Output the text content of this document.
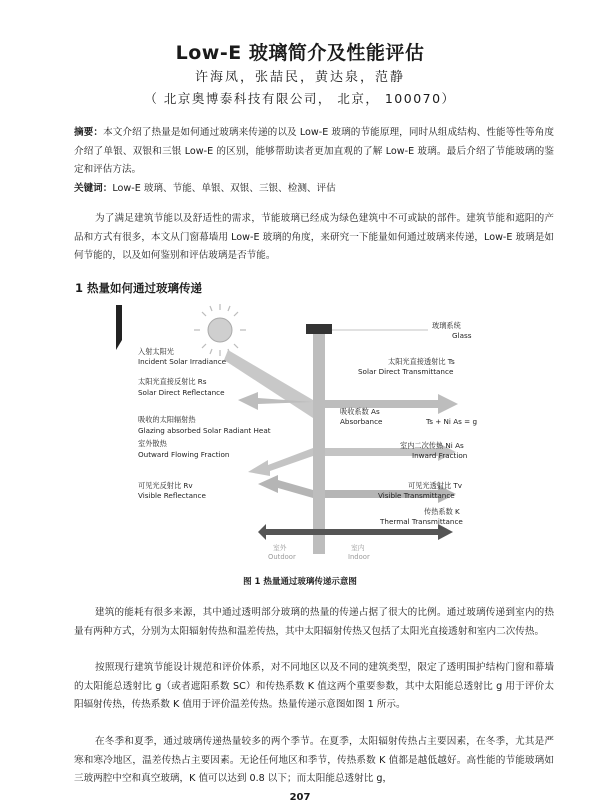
Low-E 玻璃简介及性能评估
许海凤，张喆民，黄达泉，范静
（ 北京奥博泰科技有限公司， 北京， 100070）
摘要：本文介绍了热量是如何通过玻璃来传递的以及 Low-E 玻璃的节能原理，同时从组成结构、性能等性等角度介绍了单银、双银和三银 Low-E 的区别，能够帮助读者更加直观的了解 Low-E 玻璃。最后介绍了节能玻璃的鉴定和评估方法。
关键词：Low-E 玻璃、节能、单银、双银、三银、检测、评估
为了满足建筑节能以及舒适性的需求，节能玻璃已经成为绿色建筑中不可或缺的部件。建筑节能和遮阳的产品和方式有很多，本文从门窗幕墙用 Low-E 玻璃的角度，来研究一下能量如何通过玻璃来传递，Low-E 玻璃是如何节能的，以及如何鉴别和评估玻璃是否节能。
1 热量如何通过玻璃传递
玻璃系统
Glass
入射太阳光
Incident Solar Irradiance	太阳光直接透射比 Ts
Solar Direct Transmittance
太阳光直接反射比 Rs
Solar Direct Reflectance
吸收系数 As
Absorbance	Ts + Ni As = g
吸收的太阳辐射热
Glazing absorbed Solar Radiant Heat
室外散热
Outward Flowing Fraction
室内二次传热 Ni As
Inward Fraction
可见光反射比 Rv
Visible Reflectance
可见光透射比 Tv
Visible Transmittance
传热系数 K
Thermal Transmittance
室外
Outdoor
室内
Indoor
图 1 热量通过玻璃传递示意图
建筑的能耗有很多来源，其中通过透明部分玻璃的热量的传递占据了很大的比例。通过玻璃传递到室内的热量有两种方式，分别为太阳辐射传热和温差传热，其中太阳辐射传热又包括了太阳光直接透射和室内二次传热。
按照现行建筑节能设计规范和评价体系，对不同地区以及不同的建筑类型，限定了透明围护结构门窗和幕墙的太阳能总透射比 g（或者遮阳系数 SC）和传热系数 K 值这两个重要参数，其中太阳能总透射比 g 用于评价太阳辐射传热，传热系数 K 值用于评价温差传热。热量传递示意图如图 1 所示。
在冬季和夏季，通过玻璃传递热量较多的两个季节。在夏季，太阳辐射传热占主要因素，在冬季，尤其是严寒和寒冷地区，温差传热占主要因素。无论任何地区和季节，传热系数 K 值都是越低越好。高性能的节能玻璃如三玻两腔中空和真空玻璃，K 值可以达到 0.8 以下；而太阳能总透射比 g，
207
